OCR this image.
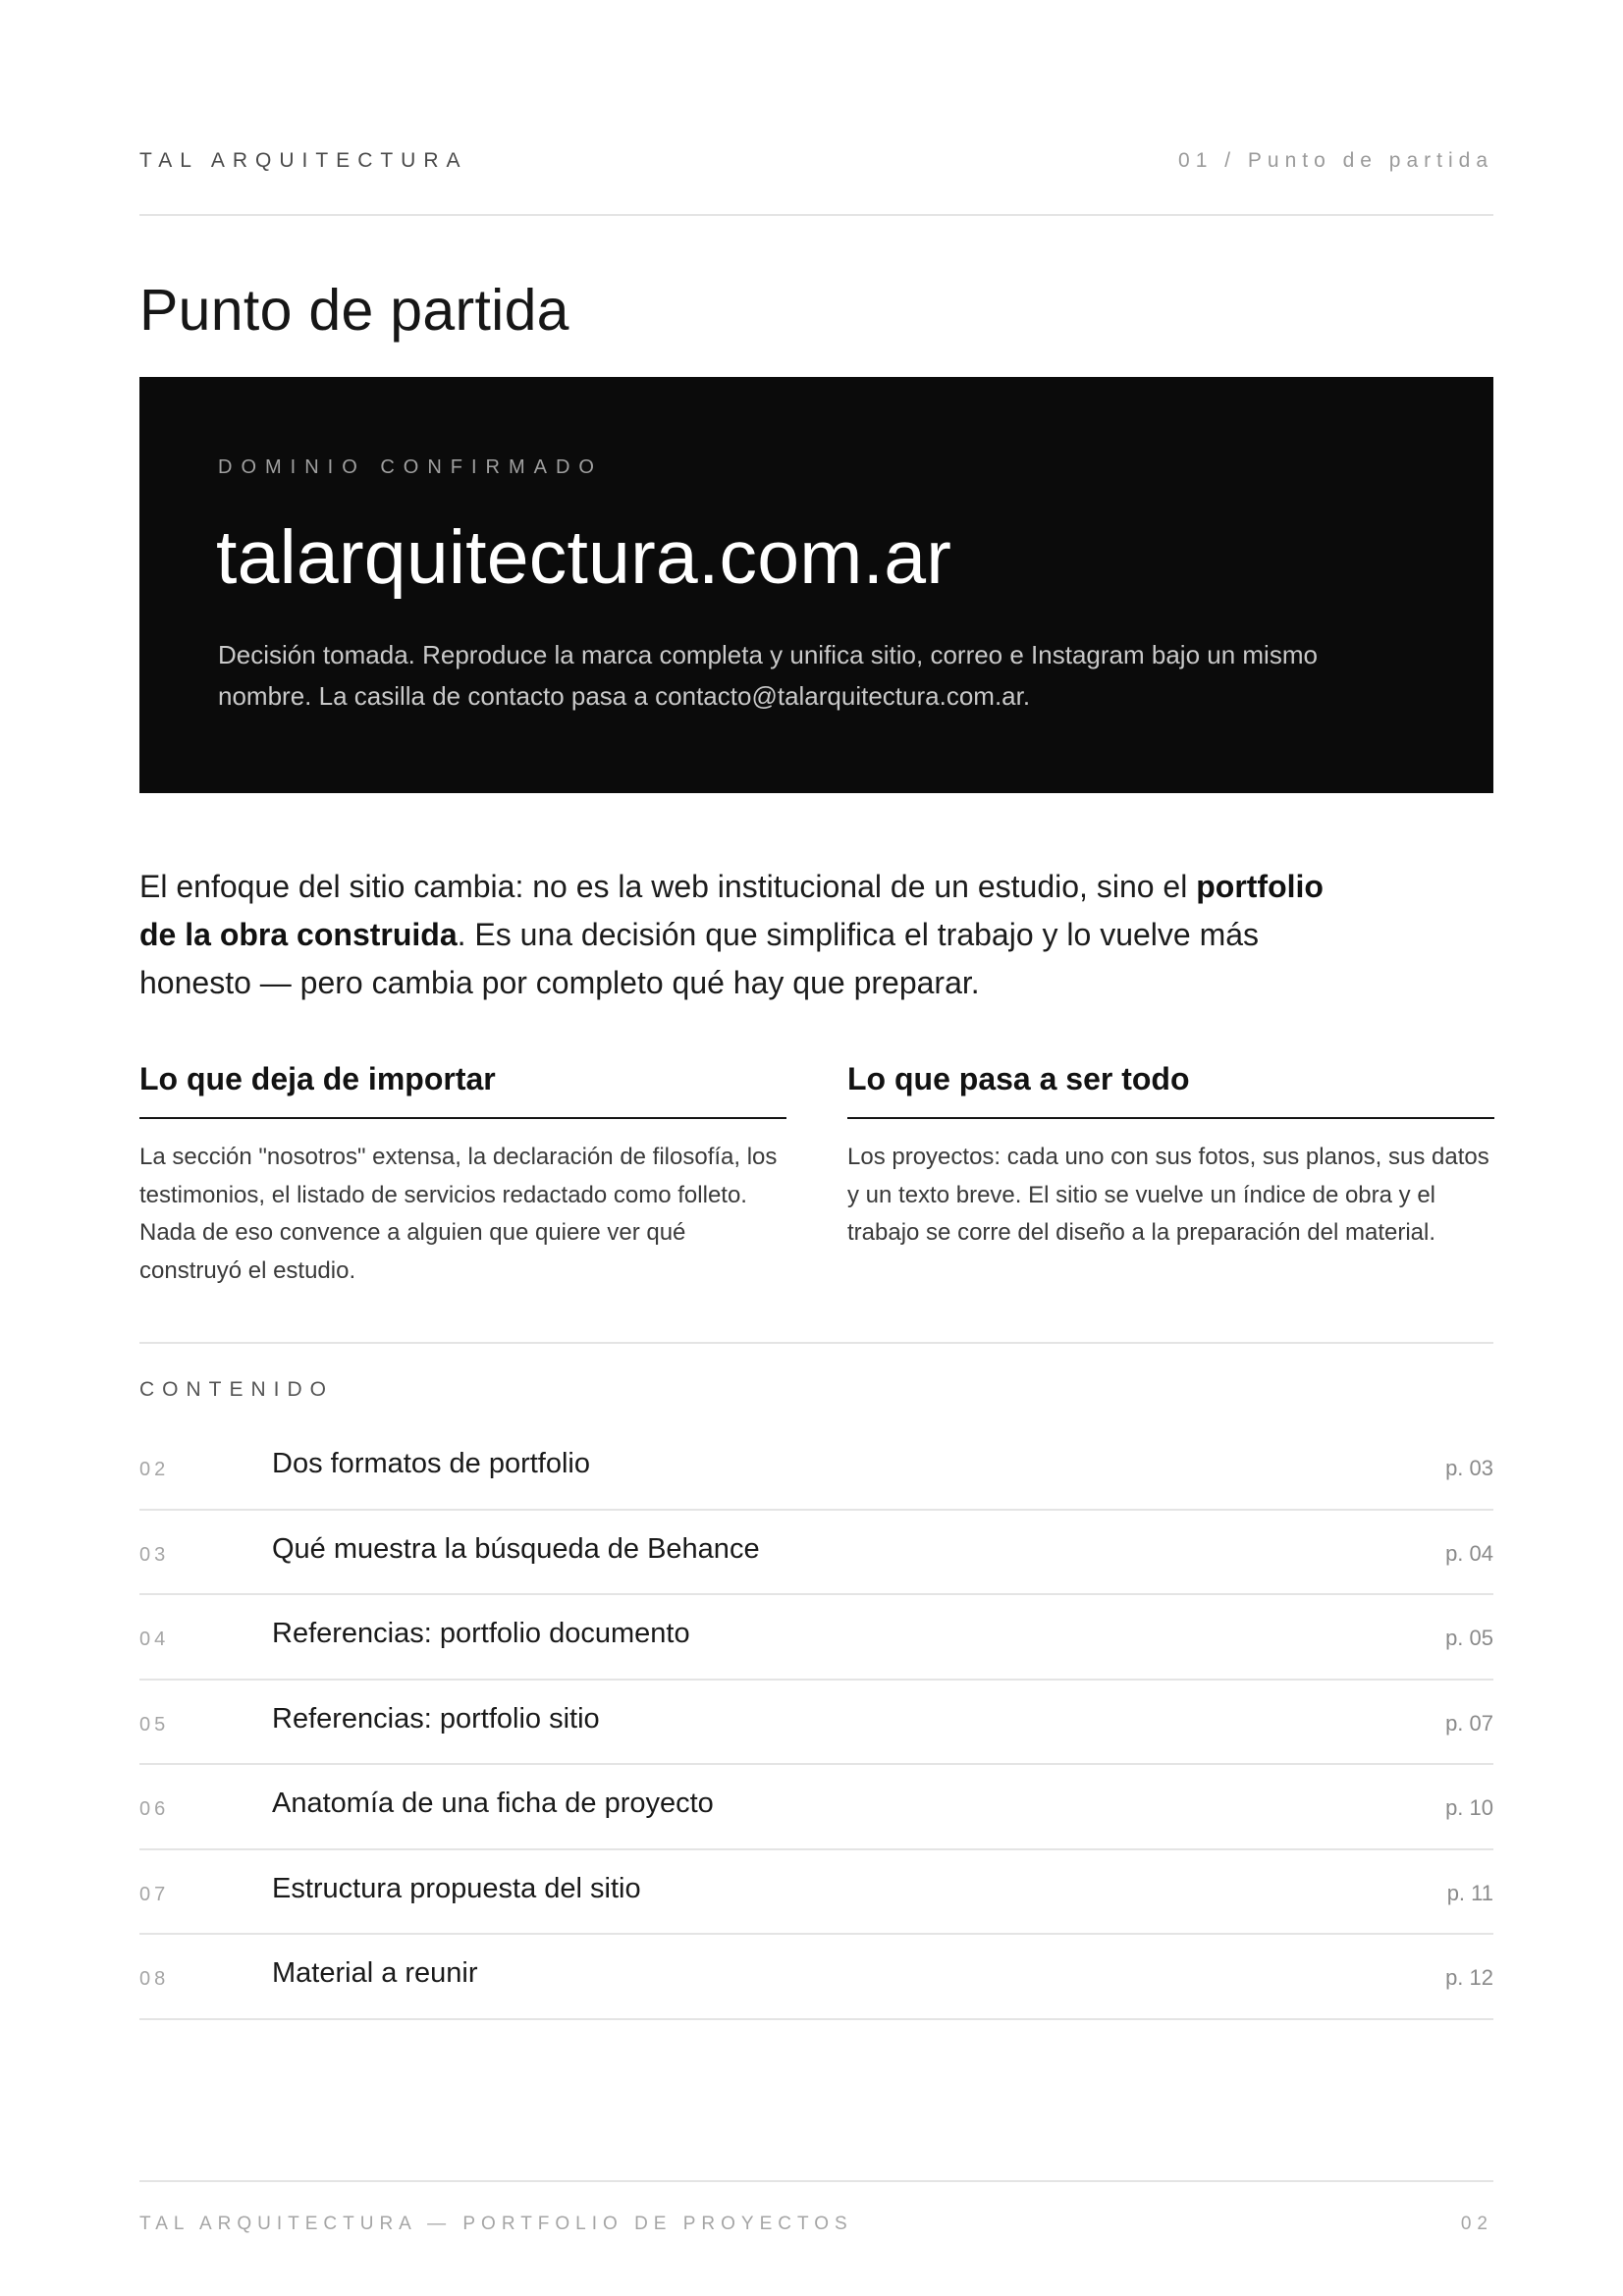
TAL ARQUITECTURA	01 / Punto de partida
Punto de partida
DOMINIO CONFIRMADO
talarquitectura.com.ar
Decisión tomada. Reproduce la marca completa y unifica sitio, correo e Instagram bajo un mismo nombre. La casilla de contacto pasa a contacto@talarquitectura.com.ar.

El enfoque del sitio cambia: no es la web institucional de un estudio, sino el portfolio de la obra construida. Es una decisión que simplifica el trabajo y lo vuelve más honesto — pero cambia por completo qué hay que preparar.

Lo que deja de importar

La sección "nosotros" extensa, la declaración de filosofía, los testimonios, el listado de servicios redactado como folleto. Nada de eso convence a alguien que quiere ver qué construyó el estudio.

Lo que pasa a ser todo

Los proyectos: cada uno con sus fotos, sus planos, sus datos y un texto breve. El sitio se vuelve un índice de obra y el trabajo se corre del diseño a la preparación del material.

CONTENIDO
02	Dos formatos de portfolio	p. 03
03	Qué muestra la búsqueda de Behance	p. 04
04	Referencias: portfolio documento	p. 05
05	Referencias: portfolio sitio	p. 07
06	Anatomía de una ficha de proyecto	p. 10
07	Estructura propuesta del sitio	p. 11
08	Material a reunir	p. 12
TAL ARQUITECTURA — PORTFOLIO DE PROYECTOS	02
